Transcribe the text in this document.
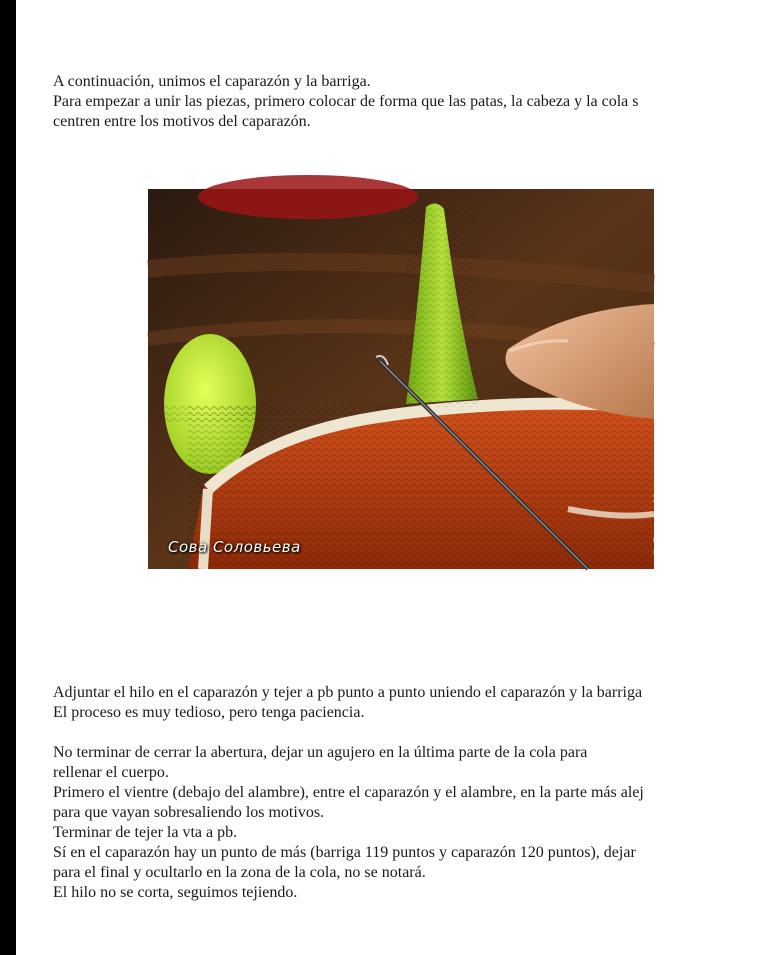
A continuación, unimos el caparazón y la barriga.
Para empezar a unir las piezas, primero colocar de forma que las patas, la cabeza y la cola s
centren entre los motivos del caparazón.
Сова Соловьева	© Страна Мастеров
Adjuntar el hilo en el caparazón y tejer a pb punto a punto uniendo el caparazón y la barriga
El proceso es muy tedioso, pero tenga paciencia.
No terminar de cerrar la abertura, dejar un agujero en la última parte de la cola para
rellenar el cuerpo.
Primero el vientre (debajo del alambre), entre el caparazón y el alambre, en la parte más alej
para que vayan sobresaliendo los motivos.
Terminar de tejer la vta a pb.
Sí en el caparazón hay un punto de más (barriga 119 puntos y caparazón 120 puntos), dejar
para el final y ocultarlo en la zona de la cola, no se notará.
El hilo no se corta, seguimos tejiendo.
